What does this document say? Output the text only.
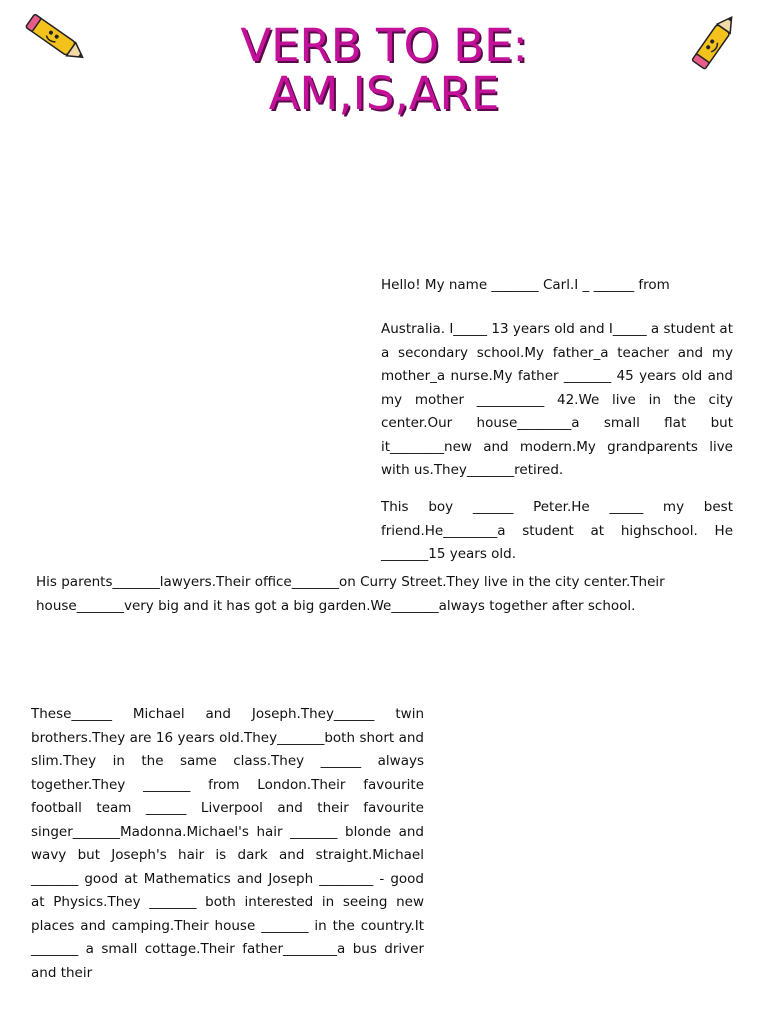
VERB TO BE:
AM,IS,ARE

Hello! My name _______ Carl.I _ ______ from

Australia. I_____ 13 years old and I_____ a student at a secondary school.My father_a teacher and my mother_a nurse.My father _______ 45 years old and my mother __________ 42.We live in the city center.Our house________a small flat but it________new and modern.My grandparents live with us.They_______retired.

This boy ______ Peter.He _____ my best friend.He________a student at highschool. He _______15 years old.

His parents_______lawyers.Their office_______on Curry Street.They live in the city center.Their house_______very big and it has got a big garden.We_______always together after school.

These______ Michael and Joseph.They______ twin brothers.They are 16 years old.They_______both short and slim.They in the same class.They ______ always together.They _______ from London.Their favourite football team ______ Liverpool and their favourite singer_______Madonna.Michael's hair _______ blonde and wavy but Joseph's hair is dark and straight.Michael _______ good at Mathematics and Joseph ________ - good at Physics.They _______ both interested in seeing new places and camping.Their house _______ in the country.It _______ a small cottage.Their father________a bus driver and their
